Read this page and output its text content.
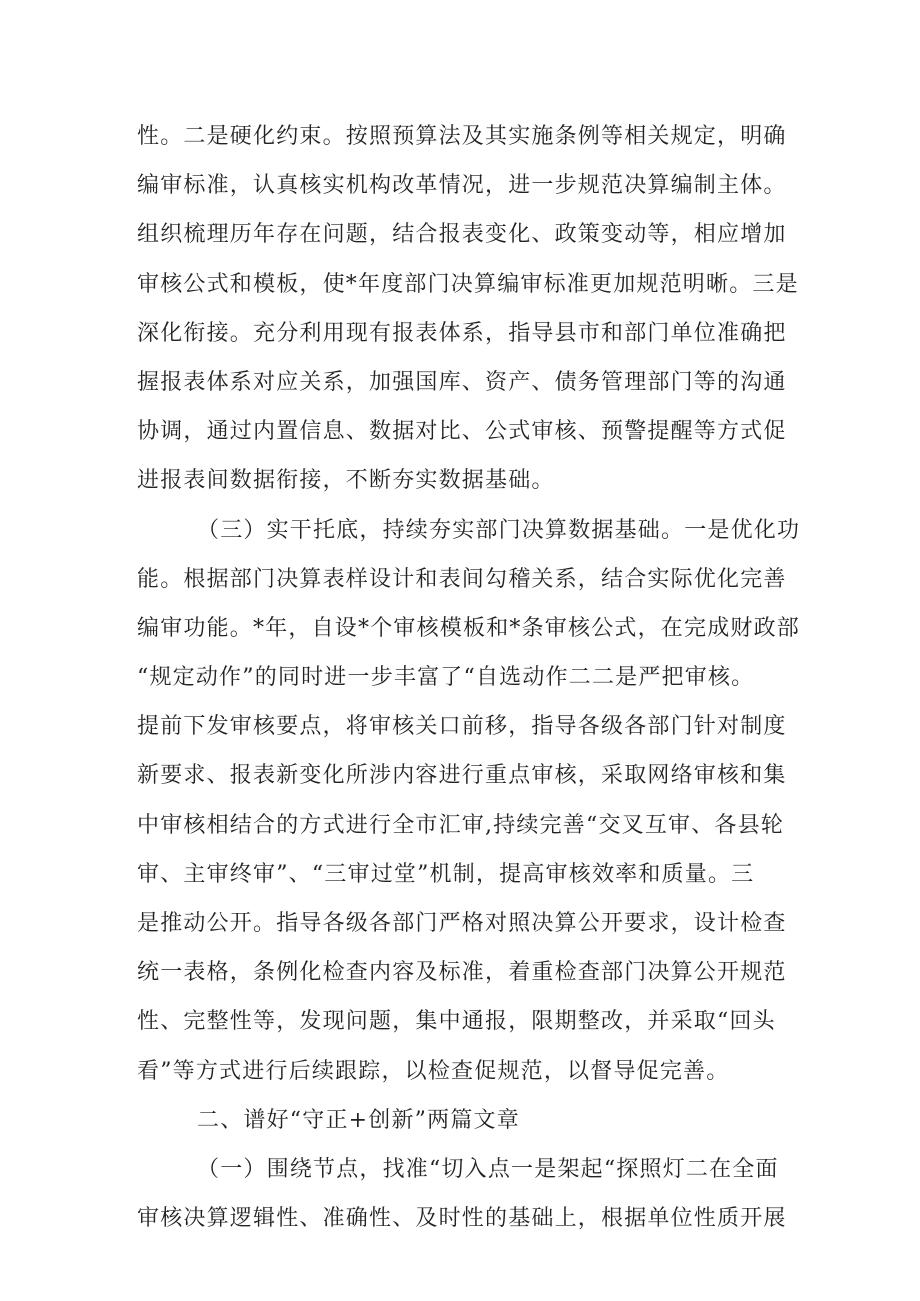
性。二是硬化约束。按照预算法及其实施条例等相关规定，明确
编审标准，认真核实机构改革情况，进一步规范决算编制主体。
组织梳理历年存在问题，结合报表变化、政策变动等，相应增加
审核公式和模板，使*年度部门决算编审标准更加规范明晰。三是
深化衔接。充分利用现有报表体系，指导县市和部门单位准确把
握报表体系对应关系，加强国库、资产、债务管理部门等的沟通
协调，通过内置信息、数据对比、公式审核、预警提醒等方式促
进报表间数据衔接，不断夯实数据基础。
（三）实干托底，持续夯实部门决算数据基础。一是优化功
能。根据部门决算表样设计和表间勾稽关系，结合实际优化完善
编审功能。*年，自设*个审核模板和*条审核公式，在完成财政部
“规定动作”的同时进一步丰富了“自选动作二二是严把审核。
提前下发审核要点，将审核关口前移，指导各级各部门针对制度
新要求、报表新变化所涉内容进行重点审核，采取网络审核和集
中审核相结合的方式进行全市汇审,持续完善“交叉互审、各县轮
审、主审终审”、“三审过堂”机制，提高审核效率和质量。三
是推动公开。指导各级各部门严格对照决算公开要求，设计检查
统一表格，条例化检查内容及标准，着重检查部门决算公开规范
性、完整性等，发现问题，集中通报，限期整改，并采取“回头
看”等方式进行后续跟踪，以检查促规范，以督导促完善。
二、谱好“守正+创新”两篇文章
（一）围绕节点，找准“切入点一是架起“探照灯二在全面
审核决算逻辑性、准确性、及时性的基础上，根据单位性质开展
